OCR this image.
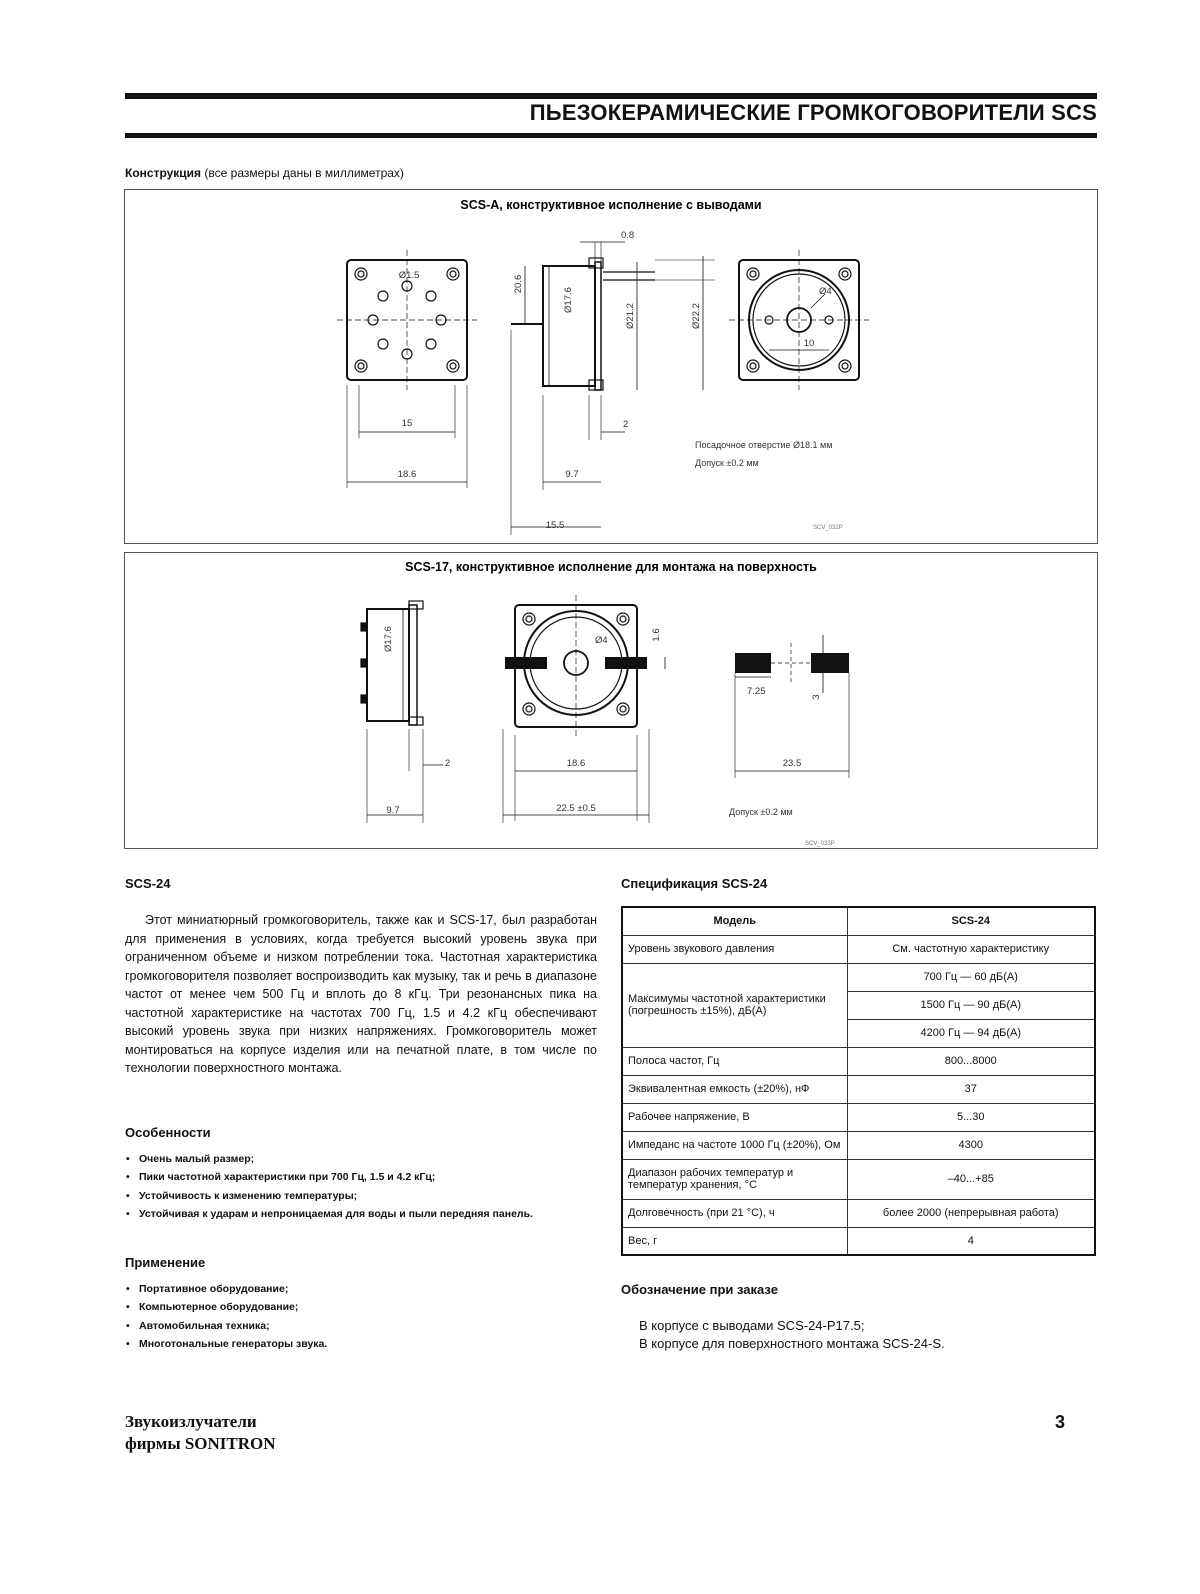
ПЬЕЗОКЕРАМИЧЕСКИЕ ГРОМКОГОВОРИТЕЛИ SCS
Конструкция (все размеры даны в миллиметрах)
SCS-A, конструктивное исполнение с выводами
Ø1.5
15
18.6
20.6
Ø17.6
Ø21.2	Ø22.2
0.8
2
9.7
15.5
Ø4
10
Посадочное отверстие Ø18.1 мм
Допуск ±0.2 мм
SCV_032P
SCS-17, конструктивное исполнение для монтажа на поверхность
Ø17.6
2
9.7
Ø4	1.6
18.6
22.5 ±0.5
7.25	3
23.5
Допуск ±0.2 мм
SCV_033P
SCS-24
Этот миниатюрный громкоговоритель, также как и SCS-17, был разработан для применения в условиях, когда требуется высокий уровень звука при ограниченном объеме и низком потреблении тока. Частотная характеристика громкоговорителя позволяет воспроизводить как музыку, так и речь в диапазоне частот от менее чем 500 Гц и вплоть до 8 кГц. Три резонансных пика на частотной характеристике на частотах 700 Гц, 1.5 и 4.2 кГц обеспечивают высокий уровень звука при низких напряжениях. Громкоговоритель может монтироваться на корпусе изделия или на печатной плате, в том числе по технологии поверхностного монтажа.
Особенности
• Очень малый размер;
• Пики частотной характеристики при 700 Гц, 1.5 и 4.2 кГц;
• Устойчивость к изменению температуры;
• Устойчивая к ударам и непроницаемая для воды и пыли передняя панель.
Применение
• Портативное оборудование;
• Компьютерное оборудование;
• Автомобильная техника;
• Многотональные генераторы звука.
Спецификация SCS-24
Модель	SCS-24
Уровень звукового давления	См. частотную характеристику
Максимумы частотной характеристики (погрешность ±15%), дБ(А)	700 Гц — 60 дБ(А)
1500 Гц — 90 дБ(А)
4200 Гц — 94 дБ(А)
Полоса частот, Гц	800...8000
Эквивалентная емкость (±20%), нФ	37
Рабочее напряжение, В	5...30
Импеданс на частоте 1000 Гц (±20%), Ом	4300
Диапазон рабочих температур и температур хранения, °С	–40...+85
Долговечность (при 21 °С), ч	более 2000 (непрерывная работа)
Вес, г	4
Обозначение при заказе
В корпусе с выводами SCS-24-P17.5;
В корпусе для поверхностного монтажа SCS-24-S.
Звукоизлучатели
фирмы SONITRON
3
